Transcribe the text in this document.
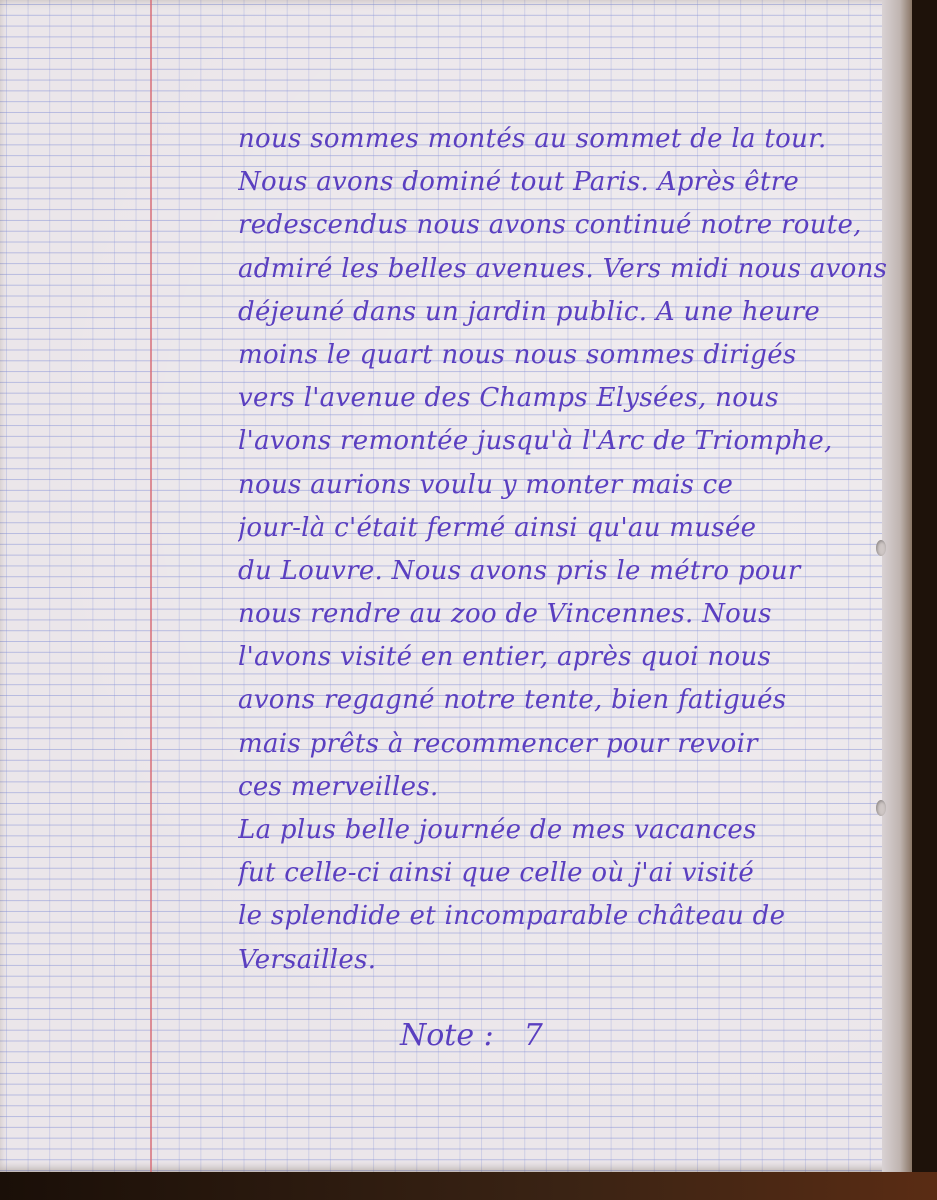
nous sommes montés au sommet de la tour.
Nous avons dominé tout Paris. Après être
redescendus nous avons continué notre route,
admiré les belles avenues. Vers midi nous avons
déjeuné dans un jardin public. A une heure
moins le quart nous nous sommes dirigés
vers l'avenue des Champs Elysées, nous
l'avons remontée jusqu'à l'Arc de Triomphe,
nous aurions voulu y monter mais ce
jour-là c'était fermé ainsi qu'au musée
du Louvre. Nous avons pris le métro pour
nous rendre au zoo de Vincennes. Nous
l'avons visité en entier, après quoi nous
avons regagné notre tente, bien fatigués
mais prêts à recommencer pour revoir
ces merveilles.
La plus belle journée de mes vacances
fut celle-ci ainsi que celle où j'ai visité
le splendide et incomparable château de
Versailles.
Note : 7
